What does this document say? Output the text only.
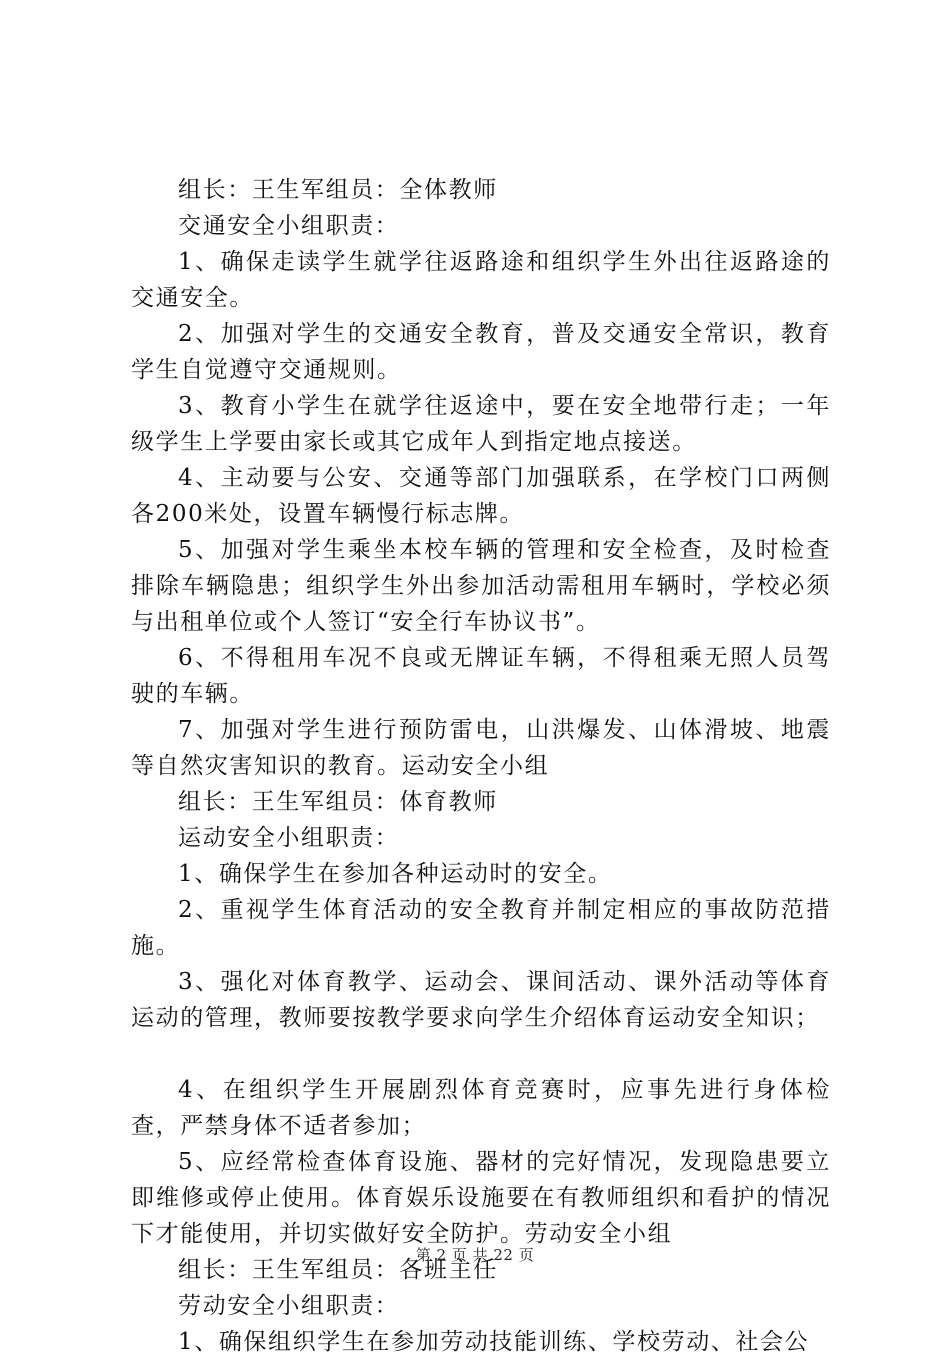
组长：王生军组员：全体教师

交通安全小组职责：

1、确保走读学生就学往返路途和组织学生外出往返路途的交通安全。

2、加强对学生的交通安全教育，普及交通安全常识，教育学生自觉遵守交通规则。

3、教育小学生在就学往返途中，要在安全地带行走；一年级学生上学要由家长或其它成年人到指定地点接送。

4、主动要与公安、交通等部门加强联系，在学校门口两侧各200米处，设置车辆慢行标志牌。

5、加强对学生乘坐本校车辆的管理和安全检查，及时检查排除车辆隐患；组织学生外出参加活动需租用车辆时，学校必须与出租单位或个人签订“安全行车协议书”。

6、不得租用车况不良或无牌证车辆，不得租乘无照人员驾驶的车辆。

7、加强对学生进行预防雷电，山洪爆发、山体滑坡、地震等自然灾害知识的教育。运动安全小组

组长：王生军组员：体育教师

运动安全小组职责：

1、确保学生在参加各种运动时的安全。

2、重视学生体育活动的安全教育并制定相应的事故防范措施。

3、强化对体育教学、运动会、课间活动、课外活动等体育运动的管理，教师要按教学要求向学生介绍体育运动安全知识；

4、在组织学生开展剧烈体育竞赛时，应事先进行身体检查，严禁身体不适者参加；

5、应经常检查体育设施、器材的完好情况，发现隐患要立即维修或停止使用。体育娱乐设施要在有教师组织和看护的情况下才能使用，并切实做好安全防护。劳动安全小组

组长：王生军组员：各班主任

劳动安全小组职责：

1、确保组织学生在参加劳动技能训练、学校劳动、社会公

第 2 页 共 22 页
